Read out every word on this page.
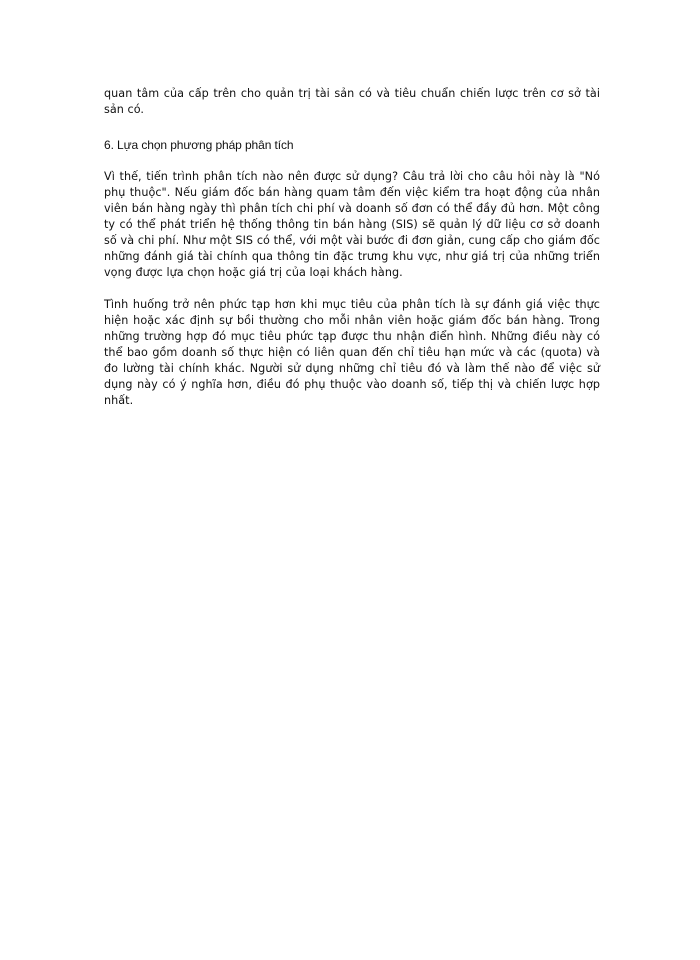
quan tâm của cấp trên cho quản trị tài sản có và tiêu chuẩn chiến lược trên cơ sở tài sản có.

6. Lựa chọn phương pháp phân tích

Vì thế, tiến trình phân tích nào nên được sử dụng? Câu trả lời cho câu hỏi này là "Nó phụ thuộc". Nếu giám đốc bán hàng quam tâm đến việc kiểm tra hoạt động của nhân viên bán hàng ngày thì phân tích chi phí và doanh số đơn có thể đầy đủ hơn. Một công ty có thể phát triển hệ thống thông tin bán hàng (SIS) sẽ quản lý dữ liệu cơ sở doanh số và chi phí. Như một SIS có thể, với một vài bước đi đơn giản, cung cấp cho giám đốc những đánh giá tài chính qua thông tin đặc trưng khu vực, như giá trị của những triển vọng được lựa chọn hoặc giá trị của loại khách hàng.

Tình huống trở nên phức tạp hơn khi mục tiêu của phân tích là sự đánh giá việc thực hiện hoặc xác định sự bồi thường cho mỗi nhân viên hoặc giám đốc bán hàng. Trong những trường hợp đó mục tiêu phức tạp được thu nhận điển hình. Những điều này có thể bao gồm doanh số thực hiện có liên quan đến chỉ tiêu hạn mức và các (quota) và đo lường tài chính khác. Người sử dụng những chỉ tiêu đó và làm thế nào để việc sử dụng này có ý nghĩa hơn, điều đó phụ thuộc vào doanh số, tiếp thị và chiến lược hợp nhất.
